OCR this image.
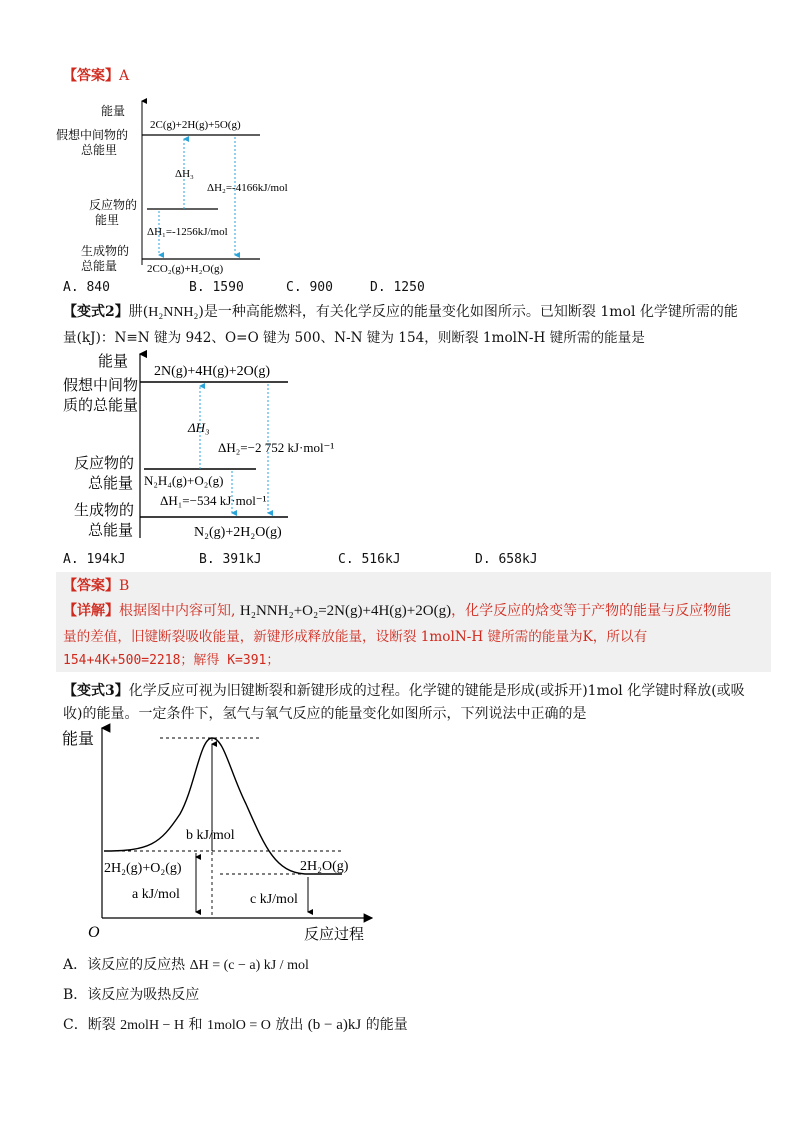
【答案】A
能量
假想中间物的
总能里
反应物的
能里
生成物的
总能量
2C(g)+2H(g)+5O(g)
ΔH₃
ΔH₂=-4166kJ/mol
ΔH₁=-1256kJ/mol
2CO₂(g)+H₂O(g)
A. 840	B. 1590	C. 900	D. 1250
【变式2】肼(H₂NNH₂)是一种高能燃料，有关化学反应的能量变化如图所示。已知断裂 1mol 化学键所需的能
量(kJ)：N≡N 键为 942、O=O 键为 500、N-N 键为 154，则断裂 1molN-H 键所需的能量是
能量
假想中间物
质的总能量
反应物的
总能量
生成物的
总能量
2N(g)+4H(g)+2O(g)
ΔH₃
ΔH₂=−2 752 kJ·mol⁻¹
N₂H₄(g)+O₂(g)
ΔH₁=−534 kJ·mol⁻¹
N₂(g)+2H₂O(g)
A. 194kJ	B. 391kJ	C. 516kJ	D. 658kJ
【答案】B
【详解】根据图中内容可知, H₂NNH₂+O₂=2N(g)+4H(g)+2O(g)，化学反应的焓变等于产物的能量与反应物能
量的差值，旧键断裂吸收能量，新键形成释放能量，设断裂 1molN-H 键所需的能量为K，所以有
154+4K+500=2218；解得 K=391；
【变式3】化学反应可视为旧键断裂和新键形成的过程。化学键的键能是形成(或拆开)1mol 化学键时释放(或吸
收)的能量。一定条件下，氢气与氧气反应的能量变化如图所示，下列说法中正确的是
能量
O	反应过程
b kJ/mol
2H₂(g)+O₂(g)
a kJ/mol
2H₂O(g)
c kJ/mol
A．该反应的反应热 ΔH = (c − a) kJ / mol
B．该反应为吸热反应
C．断裂 2molH − H 和 1molO = O 放出 (b − a)kJ 的能量
